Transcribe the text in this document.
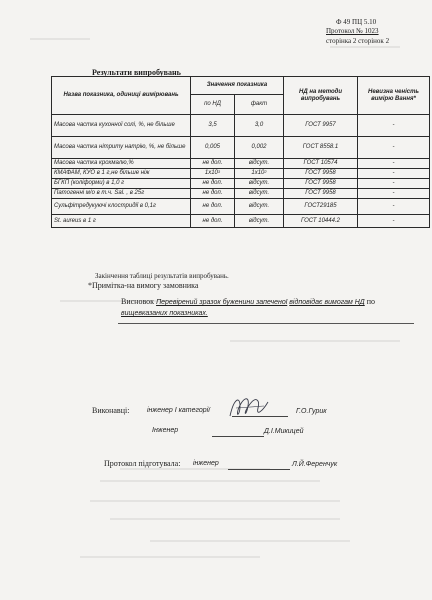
Ф 49 ПЦ 5.10
Протокол № 1023
сторінка 2 сторінок 2
Результати випробувань
Назва показника, одиниці вимірювань	Значення показника		НД на методи випробувань	Невизна ченість вимірю Вання*
	по НД	факт		
Масова частка кухонної солі, %, не більше	3,5	3,0	ГОСТ 9957	-
Масова частка нітриту натрію, %, не більше	0,005	0,002	ГОСТ 8558.1	-
Масова частка крохмалю,%	не доп.	відсут.	ГОСТ 10574	-
КМАФАМ, КУО в 1 г,не більше ніж	$1x10^3$	$1x10^2$	ГОСТ 9958	-
БГКП (коліформи) в 1,0 г	не доп.	відсут.	ГОСТ 9958	-
Патогенні м/о в т.ч. Sal. , в 25г	не доп.	відсут.	ГОСТ 9958	-
Сульфітредукуючі клостридії в 0,1г	не доп.	відсут.	ГОСТ29185	-
St. aureus в 1 г	не доп.	відсут.	ГОСТ 10444.2	-
Закінчення таблиці результатів випробувань.
*Примітка-на вимогу замовника
Висновок Перевірений зразок буженини запеченої відповідає вимогам НД по
вищевказаних показниках.
Виконавці:	інженер І категорії	Г.О.Гурик
Інженер	Д.І.Микицей
Протокол підготувала: інженер	Л.Й.Ференчук
